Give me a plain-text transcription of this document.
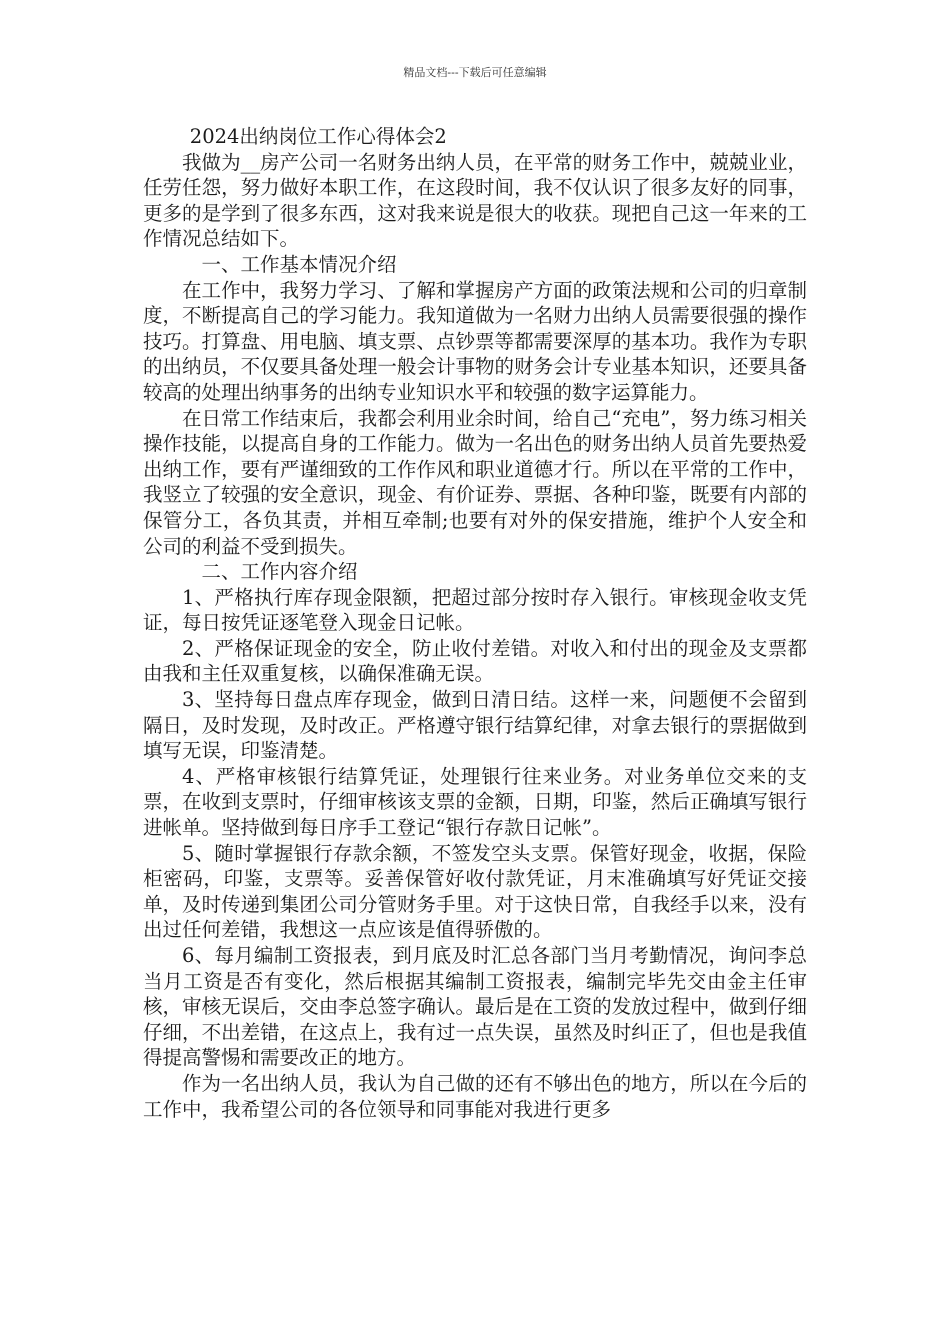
精品文档---下载后可任意编辑

2024出纳岗位工作心得体会2

我做为__房产公司一名财务出纳人员，在平常的财务工作中，兢兢业业，任劳任怨，努力做好本职工作，在这段时间，我不仅认识了很多友好的同事，更多的是学到了很多东西，这对我来说是很大的收获。现把自己这一年来的工作情况总结如下。

一、工作基本情况介绍

在工作中，我努力学习、了解和掌握房产方面的政策法规和公司的归章制度，不断提高自己的学习能力。我知道做为一名财力出纳人员需要很强的操作技巧。打算盘、用电脑、填支票、点钞票等都需要深厚的基本功。我作为专职的出纳员，不仅要具备处理一般会计事物的财务会计专业基本知识，还要具备较高的处理出纳事务的出纳专业知识水平和较强的数字运算能力。

在日常工作结束后，我都会利用业余时间，给自己“充电”，努力练习相关操作技能，以提高自身的工作能力。做为一名出色的财务出纳人员首先要热爱出纳工作，要有严谨细致的工作作风和职业道德才行。所以在平常的工作中，我竖立了较强的安全意识，现金、有价证券、票据、各种印鉴，既要有内部的保管分工，各负其责，并相互牵制;也要有对外的保安措施，维护个人安全和公司的利益不受到损失。

二、工作内容介绍

1、严格执行库存现金限额，把超过部分按时存入银行。审核现金收支凭证，每日按凭证逐笔登入现金日记帐。

2、严格保证现金的安全，防止收付差错。对收入和付出的现金及支票都由我和主任双重复核，以确保准确无误。

3、坚持每日盘点库存现金，做到日清日结。这样一来，问题便不会留到隔日，及时发现，及时改正。严格遵守银行结算纪律，对拿去银行的票据做到填写无误，印鉴清楚。

4、严格审核银行结算凭证，处理银行往来业务。对业务单位交来的支票，在收到支票时，仔细审核该支票的金额，日期，印鉴，然后正确填写银行进帐单。坚持做到每日序手工登记“银行存款日记帐”。

5、随时掌握银行存款余额，不签发空头支票。保管好现金，收据，保险柜密码，印鉴，支票等。妥善保管好收付款凭证，月末准确填写好凭证交接单，及时传递到集团公司分管财务手里。对于这快日常，自我经手以来，没有出过任何差错，我想这一点应该是值得骄傲的。

6、每月编制工资报表，到月底及时汇总各部门当月考勤情况，询问李总当月工资是否有变化，然后根据其编制工资报表，编制完毕先交由金主任审核，审核无误后，交由李总签字确认。最后是在工资的发放过程中，做到仔细仔细，不出差错，在这点上，我有过一点失误，虽然及时纠正了，但也是我值得提高警惕和需要改正的地方。

作为一名出纳人员，我认为自己做的还有不够出色的地方，所以在今后的工作中，我希望公司的各位领导和同事能对我进行更多
